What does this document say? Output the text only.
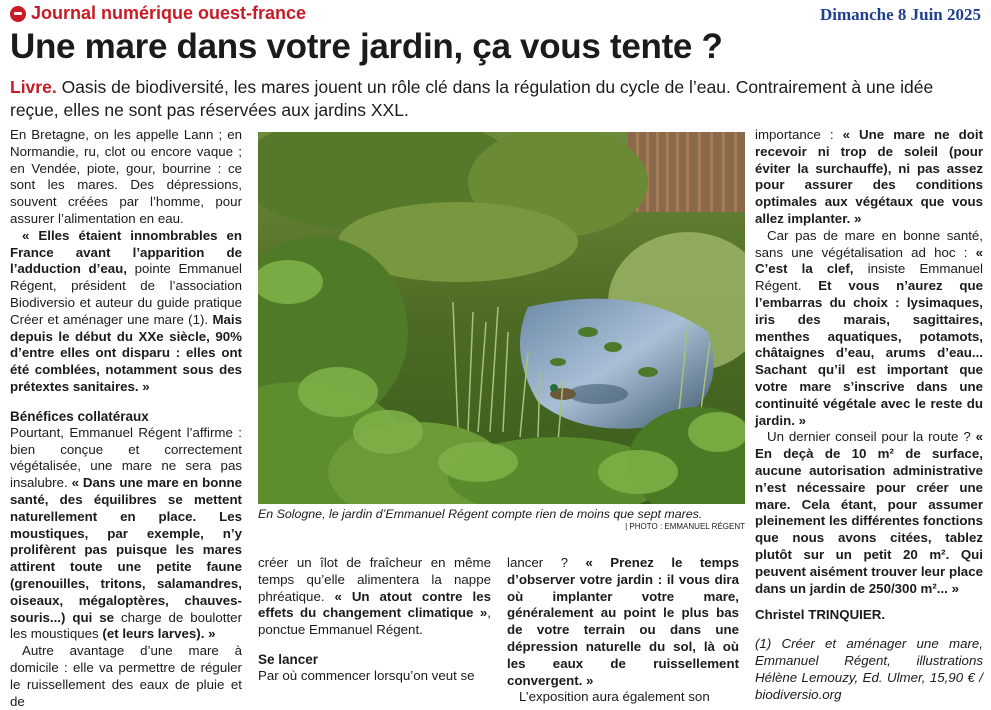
Journal numérique ouest-france	Dimanche 8 Juin 2025
Une mare dans votre jardin, ça vous tente ?
Livre. Oasis de biodiversité, les mares jouent un rôle clé dans la régulation du cycle de l’eau. Contrairement à une idée reçue, elles ne sont pas réservées aux jardins XXL.

En Bretagne, on les appelle Lann ; en Normandie, ru, clot ou encore vaque ; en Vendée, piote, gour, bourrine : ce sont les mares. Des dépressions, souvent créées par l’homme, pour assurer l’alimentation en eau.

« Elles étaient innombrables en France avant l’apparition de l’adduction d’eau, pointe Emmanuel Régent, président de l’association Biodiversio et auteur du guide pratique Créer et aménager une mare (1). Mais depuis le début du XXe siècle, 90% d’entre elles ont disparu : elles ont été comblées, notamment sous des prétextes sanitaires. »

Bénéfices collatéraux

Pourtant, Emmanuel Régent l’affirme : bien conçue et correctement végétalisée, une mare ne sera pas insalubre. « Dans une mare en bonne santé, des équilibres se mettent naturellement en place. Les moustiques, par exemple, n’y prolifèrent pas puisque les mares attirent toute une petite faune (grenouilles, tritons, salamandres, oiseaux, mégaloptères, chauves-souris...) qui se charge de boulotter les moustiques (et leurs larves). »

Autre avantage d’une mare à domicile : elle va permettre de réguler le ruissellement des eaux de pluie et de

En Sologne, le jardin d’Emmanuel Régent compte rien de moins que sept mares.
| PHOTO : EMMANUEL RÉGENT

créer un îlot de fraîcheur en même temps qu’elle alimentera la nappe phréatique. « Un atout contre les effets du changement climatique », ponctue Emmanuel Régent.

Se lancer

Par où commencer lorsqu’on veut se

lancer ? « Prenez le temps d’observer votre jardin : il vous dira où implanter votre mare, généralement au point le plus bas de votre terrain ou dans une dépression naturelle du sol, là où les eaux de ruissellement convergent. »

L’exposition aura également son

importance : « Une mare ne doit recevoir ni trop de soleil (pour éviter la surchauffe), ni pas assez pour assurer des conditions optimales aux végétaux que vous allez implanter. »

Car pas de mare en bonne santé, sans une végétalisation ad hoc : « C’est la clef, insiste Emmanuel Régent. Et vous n’aurez que l’embarras du choix : lysimaques, iris des marais, sagittaires, menthes aquatiques, potamots, châtaignes d’eau, arums d’eau... Sachant qu’il est important que votre mare s’inscrive dans une continuité végétale avec le reste du jardin. »

Un dernier conseil pour la route ? « En deçà de 10 m² de surface, aucune autorisation administrative n’est nécessaire pour créer une mare. Cela étant, pour assumer pleinement les différentes fonctions que nous avons citées, tablez plutôt sur un petit 20 m². Qui peuvent aisément trouver leur place dans un jardin de 250/300 m²... »

Christel TRINQUIER.

(1) Créer et aménager une mare, Emmanuel Régent, illustrations Hélène Lemouzy, Ed. Ulmer, 15,90 € / biodiversio.org
